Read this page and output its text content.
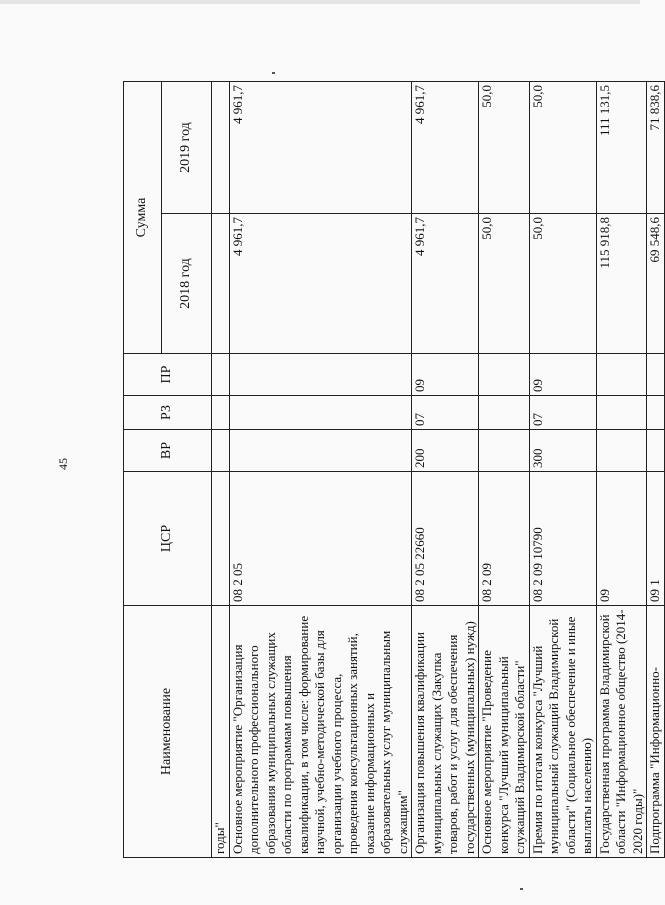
45
Наименование	ЦСР	ВР	РЗ	ПР	Сумма	
					2018 год	2019 год
годы"						
Основное мероприятие "Организация дополнительного профессионального образования муниципальных служащих области по программам повышения квалификации, в том числе: формирование научной, учебно-методической базы для организации учебного процесса, проведения консультационных занятий, оказание информационных и образовательных услуг муниципальным служащим"	08 2 05				4 961,7	4 961,7
Организация повышения квалификации муниципальных служащих (Закупка товаров, работ и услуг для обеспечения государственных (муниципальных) нужд)	08 2 05 22660	200	07	09	4 961,7	4 961,7
Основное мероприятие "Проведение конкурса "Лучший муниципальный служащий Владимирской области"	08 2 09				50,0	50,0
Премия по итогам конкурса "Лучший муниципальный служащий Владимирской области" (Социальное обеспечение и иные выплаты населению)	08 2 09 10790	300	07	09	50,0	50,0
Государственная программа Владимирской области "Информационное общество (2014-2020 годы)"	09				115 918,8	111 131,5
Подпрограмма "Информационно-	09 1				69 548,6	71 838,6
